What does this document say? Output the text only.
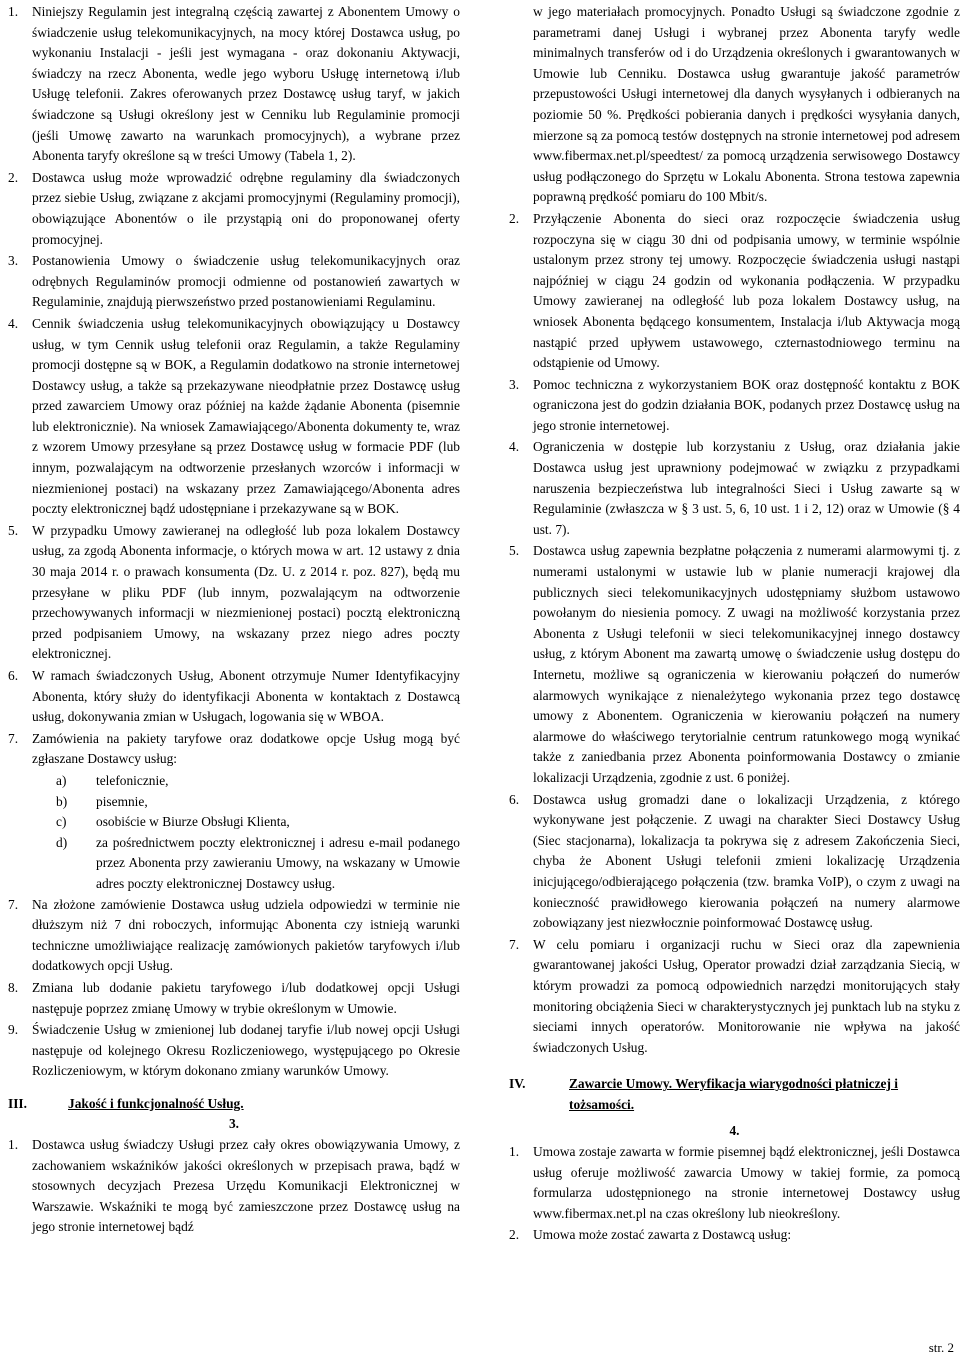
1. Niniejszy Regulamin jest integralną częścią zawartej z Abonentem Umowy o świadczenie usług telekomunikacyjnych, na mocy której Dostawca usług, po wykonaniu Instalacji - jeśli jest wymagana - oraz dokonaniu Aktywacji, świadczy na rzecz Abonenta, wedle jego wyboru Usługę internetową i/lub Usługę telefonii. Zakres oferowanych przez Dostawcę usług taryf, w jakich świadczone są Usługi określony jest w Cenniku lub Regulaminie promocji (jeśli Umowę zawarto na warunkach promocyjnych), a wybrane przez Abonenta taryfy określone są w treści Umowy (Tabela 1, 2).

2. Dostawca usług może wprowadzić odrębne regulaminy dla świadczonych przez siebie Usług, związane z akcjami promocyjnymi (Regulaminy promocji), obowiązujące Abonentów o ile przystąpią oni do proponowanej oferty promocyjnej.

3. Postanowienia Umowy o świadczenie usług telekomunikacyjnych oraz odrębnych Regulaminów promocji odmienne od postanowień zawartych w Regulaminie, znajdują pierwszeństwo przed postanowieniami Regulaminu.

4. Cennik świadczenia usług telekomunikacyjnych obowiązujący u Dostawcy usług, w tym Cennik usług telefonii oraz Regulamin, a także Regulaminy promocji dostępne są w BOK, a Regulamin dodatkowo na stronie internetowej Dostawcy usług, a także są przekazywane nieodpłatnie przez Dostawcę usług przed zawarciem Umowy oraz później na każde żądanie Abonenta (pisemnie lub elektronicznie). Na wniosek Zamawiającego/Abonenta dokumenty te, wraz z wzorem Umowy przesyłane są przez Dostawcę usług w formacie PDF (lub innym, pozwalającym na odtworzenie przesłanych wzorców i informacji w niezmienionej postaci) na wskazany przez Zamawiającego/Abonenta adres poczty elektronicznej bądź udostępniane i przekazywane są w BOK.

5. W przypadku Umowy zawieranej na odległość lub poza lokalem Dostawcy usług, za zgodą Abonenta informacje, o których mowa w art. 12 ustawy z dnia 30 maja 2014 r. o prawach konsumenta (Dz. U. z 2014 r. poz. 827), będą mu przesyłane w pliku PDF (lub innym, pozwalającym na odtworzenie przechowywanych informacji w niezmienionej postaci) pocztą elektroniczną przed podpisaniem Umowy, na wskazany przez niego adres poczty elektronicznej.

6. W ramach świadczonych Usług, Abonent otrzymuje Numer Identyfikacyjny Abonenta, który służy do identyfikacji Abonenta w kontaktach z Dostawcą usług, dokonywania zmian w Usługach, logowania się w WBOA.

7. Zamówienia na pakiety taryfowe oraz dodatkowe opcje Usług mogą być zgłaszane Dostawcy usług:

a)	telefonicznie,

b)	pisemnie,

c)	osobiście w Biurze Obsługi Klienta,

d)	za pośrednictwem poczty elektronicznej i adresu e-mail podanego przez Abonenta przy zawieraniu Umowy, na wskazany w Umowie adres poczty elektronicznej Dostawcy usług.

7. Na złożone zamówienie Dostawca usług udziela odpowiedzi w terminie nie dłuższym niż 7 dni roboczych, informując Abonenta czy istnieją warunki techniczne umożliwiające realizację zamówionych pakietów taryfowych i/lub dodatkowych opcji Usług.

8. Zmiana lub dodanie pakietu taryfowego i/lub dodatkowej opcji Usługi następuje poprzez zmianę Umowy w trybie określonym w Umowie.

9. Świadczenie Usług w zmienionej lub dodanej taryfie i/lub nowej opcji Usługi następuje od kolejnego Okresu Rozliczeniowego, występującego po Okresie Rozliczeniowym, w którym dokonano zmiany warunków Umowy.

III.	Jakość i funkcjonalność Usług.

3.

1. Dostawca usług świadczy Usługi przez cały okres obowiązywania Umowy, z zachowaniem wskaźników jakości określonych w przepisach prawa, bądź w stosownych decyzjach Prezesa Urzędu Komunikacji Elektronicznej w Warszawie. Wskaźniki te mogą być zamieszczone przez Dostawcę usług na jego stronie internetowej bądź

w jego materiałach promocyjnych. Ponadto Usługi są świadczone zgodnie z parametrami danej Usługi i wybranej przez Abonenta taryfy wedle minimalnych transferów od i do Urządzenia określonych i gwarantowanych w Umowie lub Cenniku. Dostawca usług gwarantuje jakość parametrów przepustowości Usługi internetowej dla danych wysyłanych i odbieranych na poziomie 50 %. Prędkości pobierania danych i prędkości wysyłania danych, mierzone są za pomocą testów dostępnych na stronie internetowej pod adresem www.fibermax.net.pl/speedtest/ za pomocą urządzenia serwisowego Dostawcy usług podłączonego do Sprzętu w Lokalu Abonenta. Strona testowa zapewnia poprawną prędkość pomiaru do 100 Mbit/s.

2. Przyłączenie Abonenta do sieci oraz rozpoczęcie świadczenia usług rozpoczyna się w ciągu 30 dni od podpisania umowy, w terminie wspólnie ustalonym przez strony tej umowy. Rozpoczęcie świadczenia usługi nastąpi najpóźniej w ciągu 24 godzin od wykonania podłączenia. W przypadku Umowy zawieranej na odległość lub poza lokalem Dostawcy usług, na wniosek Abonenta będącego konsumentem, Instalacja i/lub Aktywacja mogą nastąpić przed upływem ustawowego, czternastodniowego terminu na odstąpienie od Umowy.

3. Pomoc techniczna z wykorzystaniem BOK oraz dostępność kontaktu z BOK ograniczona jest do godzin działania BOK, podanych przez Dostawcę usług na jego stronie internetowej.

4. Ograniczenia w dostępie lub korzystaniu z Usług, oraz działania jakie Dostawca usług jest uprawniony podejmować w związku z przypadkami naruszenia bezpieczeństwa lub integralności Sieci i Usług zawarte są w Regulaminie (zwłaszcza w § 3 ust. 5, 6, 10 ust. 1 i 2, 12) oraz w Umowie (§ 4 ust. 7).

5. Dostawca usług zapewnia bezpłatne połączenia z numerami alarmowymi tj. z numerami ustalonymi w ustawie lub w planie numeracji krajowej dla publicznych sieci telekomunikacyjnych udostępniamy służbom ustawowo powołanym do niesienia pomocy. Z uwagi na możliwość korzystania przez Abonenta z Usługi telefonii w sieci telekomunikacyjnej innego dostawcy usług, z którym Abonent ma zawartą umowę o świadczenie usług dostępu do Internetu, możliwe są ograniczenia w kierowaniu połączeń do numerów alarmowych wynikające z nienależytego wykonania przez tego dostawcę umowy z Abonentem. Ograniczenia w kierowaniu połączeń na numery alarmowe do właściwego terytorialnie centrum ratunkowego mogą wynikać także z zaniedbania przez Abonenta poinformowania Dostawcy o zmianie lokalizacji Urządzenia, zgodnie z ust. 6 poniżej.

6. Dostawca usług gromadzi dane o lokalizacji Urządzenia, z którego wykonywane jest połączenie. Z uwagi na charakter Sieci Dostawcy Usług (Siec stacjonarna), lokalizacja ta pokrywa się z adresem Zakończenia Sieci, chyba że Abonent Usługi telefonii zmieni lokalizację Urządzenia inicjującego/odbierającego połączenia (tzw. bramka VoIP), o czym z uwagi na konieczność prawidłowego kierowania połączeń na numery alarmowe zobowiązany jest niezwłocznie poinformować Dostawcę usług.

7. W celu pomiaru i organizacji ruchu w Sieci oraz dla zapewnienia gwarantowanej jakości Usług, Operator prowadzi dział zarządzania Siecią, w którym prowadzi za pomocą odpowiednich narzędzi monitorujących stały monitoring obciążenia Sieci w charakterystycznych jej punktach lub na styku z sieciami innych operatorów. Monitorowanie nie wpływa na jakość świadczonych Usług.

IV.	Zawarcie Umowy. Weryfikacja wiarygodności płatniczej i tożsamości.

4.

1. Umowa zostaje zawarta w formie pisemnej bądź elektronicznej, jeśli Dostawca usług oferuje możliwość zawarcia Umowy w takiej formie, za pomocą formularza udostępnionego na stronie internetowej Dostawcy usług www.fibermax.net.pl na czas określony lub nieokreślony.

2. Umowa może zostać zawarta z Dostawcą usług:

str. 2
